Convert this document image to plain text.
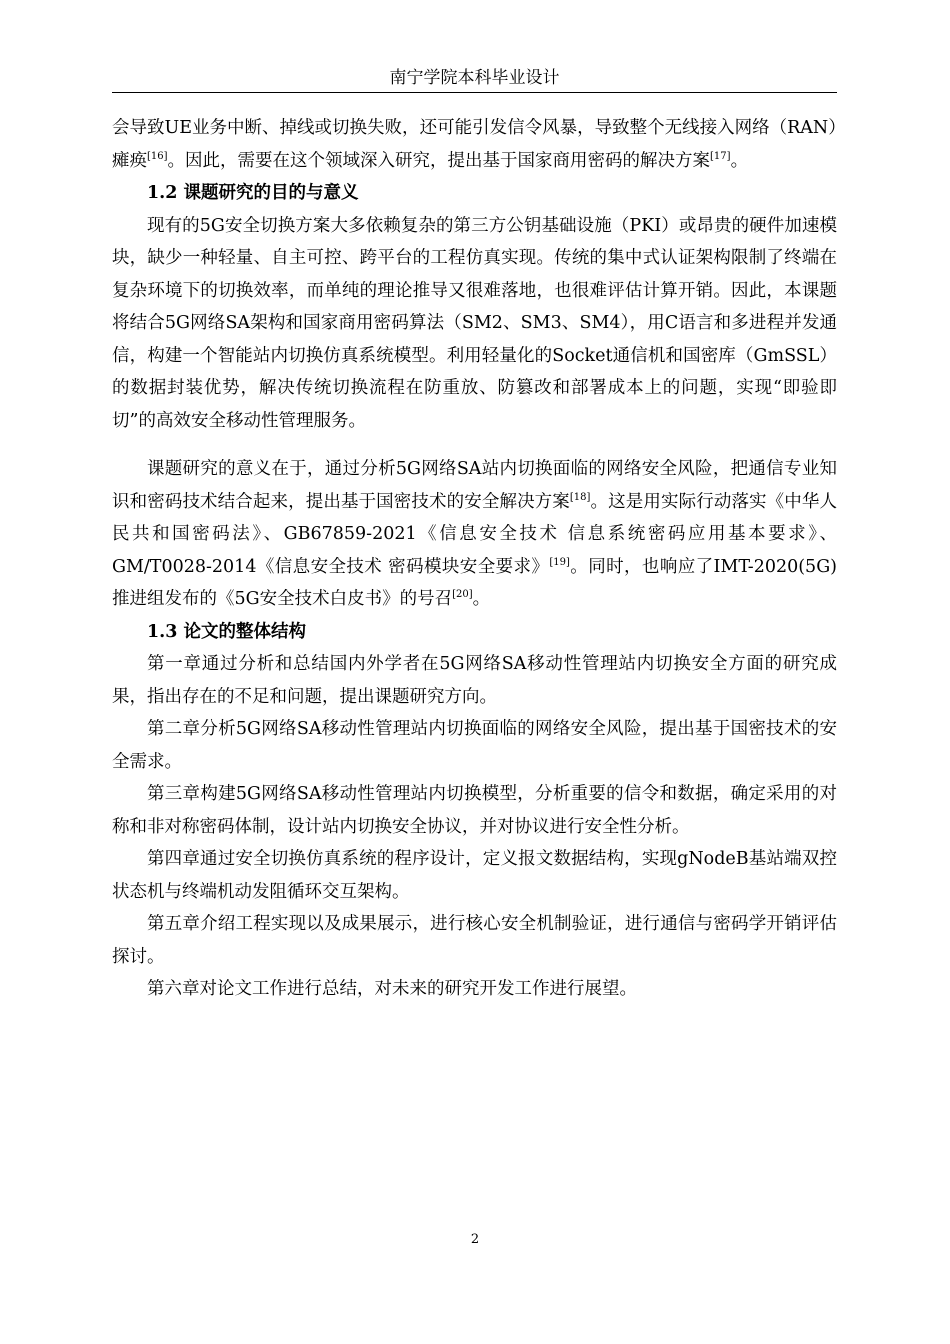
南宁学院本科毕业设计

会导致UE业务中断、掉线或切换失败，还可能引发信令风暴，导致整个无线接入网络（RAN）瘫痪[16]。因此，需要在这个领域深入研究，提出基于国家商用密码的解决方案[17]。

1.2 课题研究的目的与意义

现有的5G安全切换方案大多依赖复杂的第三方公钥基础设施（PKI）或昂贵的硬件加速模块，缺少一种轻量、自主可控、跨平台的工程仿真实现。传统的集中式认证架构限制了终端在复杂环境下的切换效率，而单纯的理论推导又很难落地，也很难评估计算开销。因此，本课题将结合5G网络SA架构和国家商用密码算法（SM2、SM3、SM4），用C语言和多进程并发通信，构建一个智能站内切换仿真系统模型。利用轻量化的Socket通信机和国密库（GmSSL）的数据封装优势，解决传统切换流程在防重放、防篡改和部署成本上的问题，实现“即验即切”的高效安全移动性管理服务。

课题研究的意义在于，通过分析5G网络SA站内切换面临的网络安全风险，把通信专业知识和密码技术结合起来，提出基于国密技术的安全解决方案[18]。这是用实际行动落实《中华人民共和国密码法》、GB67859-2021《信息安全技术 信息系统密码应用基本要求》、GM/T0028-2014《信息安全技术 密码模块安全要求》[19]。同时，也响应了IMT-2020(5G)推进组发布的《5G安全技术白皮书》的号召[20]。

1.3 论文的整体结构

第一章通过分析和总结国内外学者在5G网络SA移动性管理站内切换安全方面的研究成果，指出存在的不足和问题，提出课题研究方向。

第二章分析5G网络SA移动性管理站内切换面临的网络安全风险，提出基于国密技术的安全需求。

第三章构建5G网络SA移动性管理站内切换模型，分析重要的信令和数据，确定采用的对称和非对称密码体制，设计站内切换安全协议，并对协议进行安全性分析。

第四章通过安全切换仿真系统的程序设计，定义报文数据结构，实现gNodeB基站端双控状态机与终端机动发阻循环交互架构。

第五章介绍工程实现以及成果展示，进行核心安全机制验证，进行通信与密码学开销评估探讨。

第六章对论文工作进行总结，对未来的研究开发工作进行展望。

2
